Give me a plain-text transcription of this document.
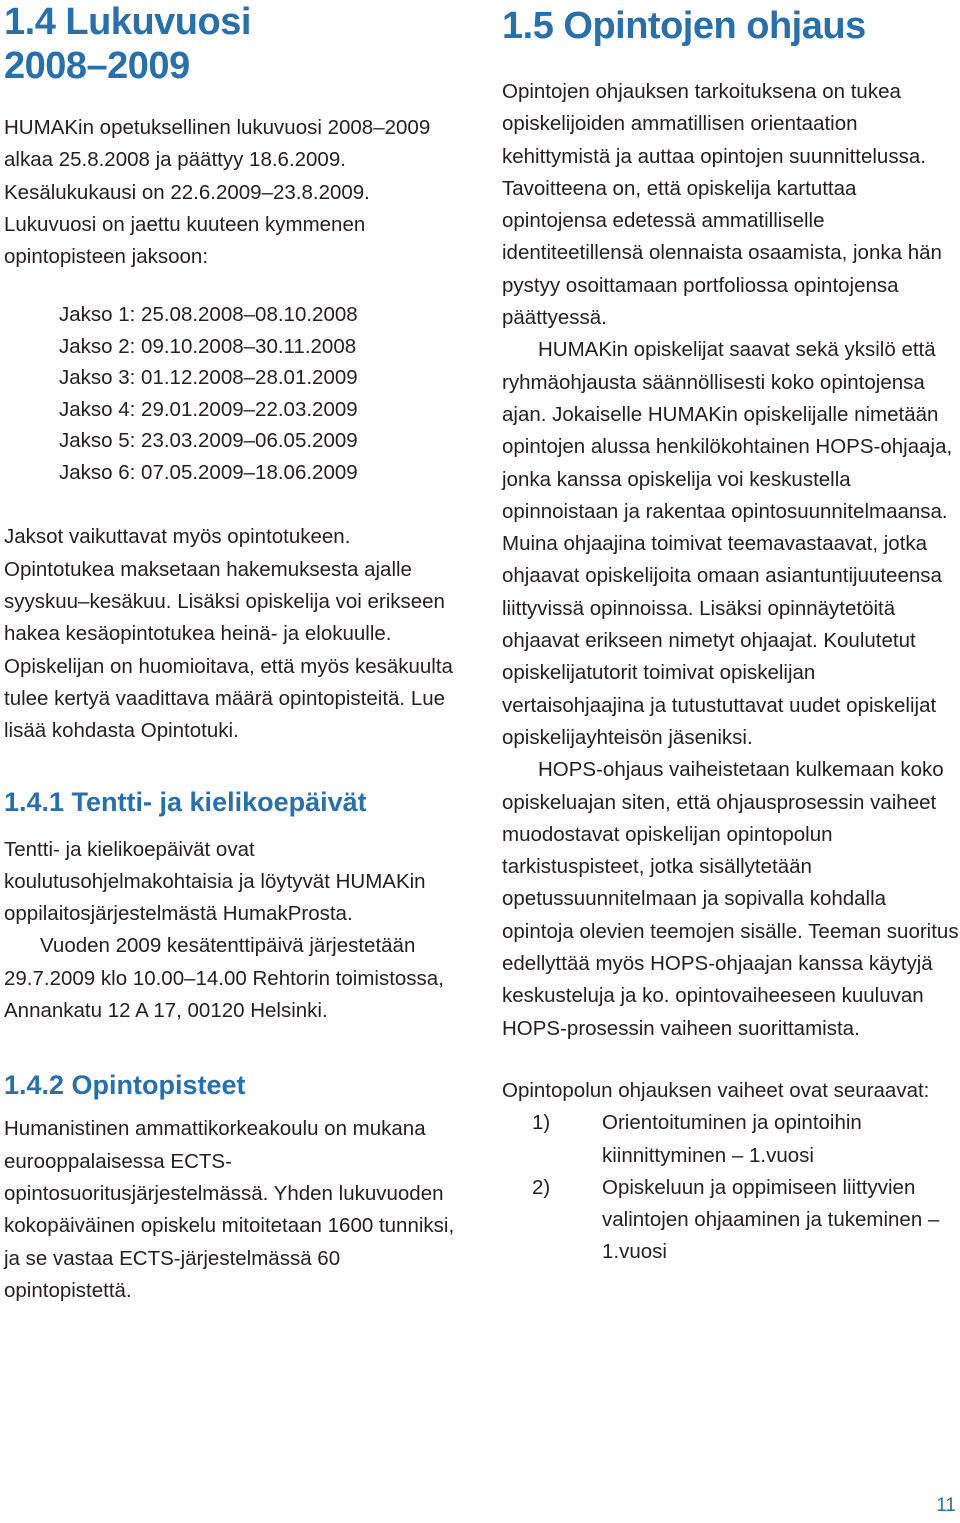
1.4 Lukuvuosi 2008–2009

HUMAKin opetuksellinen lukuvuosi 2008–2009 alkaa 25.8.2008 ja päättyy 18.6.2009. Kesälukukausi on 22.6.2009–23.8.2009. Lukuvuosi on jaettu kuuteen kymmenen opintopisteen jaksoon:

Jakso 1: 25.08.2008–08.10.2008
Jakso 2: 09.10.2008–30.11.2008
Jakso 3: 01.12.2008–28.01.2009
Jakso 4: 29.01.2009–22.03.2009
Jakso 5: 23.03.2009–06.05.2009
Jakso 6: 07.05.2009–18.06.2009

Jaksot vaikuttavat myös opintotukeen. Opintotukea maksetaan hakemuksesta ajalle syyskuu–kesäkuu. Lisäksi opiskelija voi erikseen hakea kesäopintotukea heinä- ja elokuulle. Opiskelijan on huomioitava, että myös kesäkuulta tulee kertyä vaadittava määrä opintopisteitä. Lue lisää kohdasta Opintotuki.

1.4.1 Tentti- ja kielikoepäivät

Tentti- ja kielikoepäivät ovat koulutusohjelmakohtaisia ja löytyvät HUMAKin oppilaitosjärjestelmästä HumakProsta.

Vuoden 2009 kesätenttipäivä järjestetään 29.7.2009 klo 10.00–14.00 Rehtorin toimistossa, Annankatu 12 A 17, 00120 Helsinki.

1.4.2 Opintopisteet

Humanistinen ammattikorkeakoulu on mukana eurooppalaisessa ECTS-opintosuoritusjärjestelmässä. Yhden lukuvuoden kokopäiväinen opiskelu mitoitetaan 1600 tunniksi, ja se vastaa ECTS-järjestelmässä 60 opintopistettä.

1.5 Opintojen ohjaus

Opintojen ohjauksen tarkoituksena on tukea opiskelijoiden ammatillisen orientaation kehittymistä ja auttaa opintojen suunnittelussa. Tavoitteena on, että opiskelija kartuttaa opintojensa edetessä ammatilliselle identiteetillensä olennaista osaamista, jonka hän pystyy osoittamaan portfoliossa opintojensa päättyessä.

HUMAKin opiskelijat saavat sekä yksilö että ryhmäohjausta säännöllisesti koko opintojensa ajan. Jokaiselle HUMAKin opiskelijalle nimetään opintojen alussa henkilökohtainen HOPS-ohjaaja, jonka kanssa opiskelija voi keskustella opinnoistaan ja rakentaa opintosuunnitelmaansa. Muina ohjaajina toimivat teemavastaavat, jotka ohjaavat opiskelijoita omaan asiantuntijuuteensa liittyvissä opinnoissa. Lisäksi opinnäytetöitä ohjaavat erikseen nimetyt ohjaajat. Koulutetut opiskelijatutorit toimivat opiskelijan vertaisohjaajina ja tutustuttavat uudet opiskelijat opiskelijayhteisön jäseniksi.

HOPS-ohjaus vaiheistetaan kulkemaan koko opiskeluajan siten, että ohjausprosessin vaiheet muodostavat opiskelijan opintopolun tarkistuspisteet, jotka sisällytetään opetussuunnitelmaan ja sopivalla kohdalla opintoja olevien teemojen sisälle. Teeman suoritus edellyttää myös HOPS-ohjaajan kanssa käytyjä keskusteluja ja ko. opintovaiheeseen kuuluvan HOPS-prosessin vaiheen suorittamista.

Opintopolun ohjauksen vaiheet ovat seuraavat:

1)	Orientoituminen ja opintoihin kiinnittyminen – 1.vuosi
2)	Opiskeluun ja oppimiseen liittyvien valintojen ohjaaminen ja tukeminen – 1.vuosi
11
